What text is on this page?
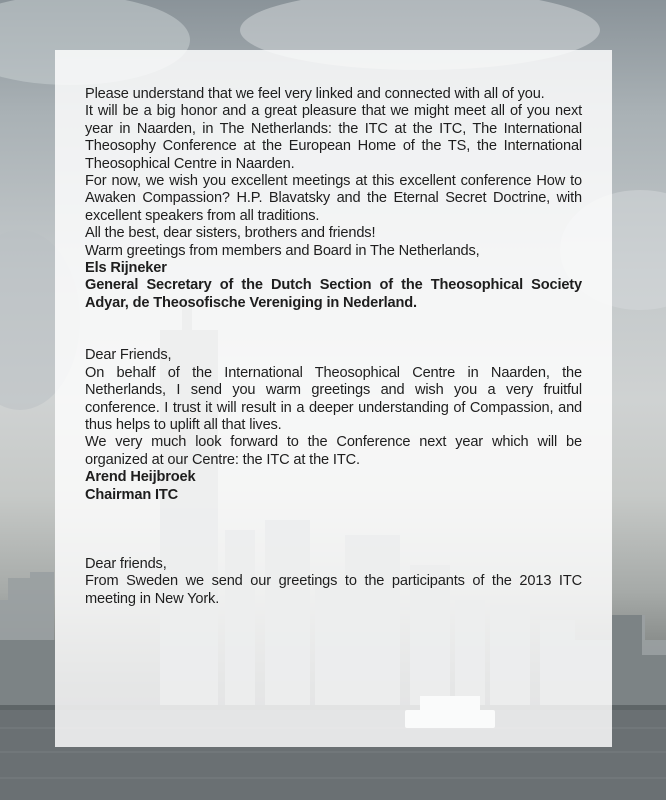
Please understand that we feel very linked and connected with all of you.

It will be a big honor and a great pleasure that we might meet all of you next year in Naarden, in The Netherlands: the ITC at the ITC, The International Theosophy Conference at the European Home of the TS, the International Theosophical Centre in Naarden.

For now, we wish you excellent meetings at this excellent conference How to Awaken Compassion? H.P. Blavatsky and the Eternal Secret Doctrine, with excellent speakers from all traditions.

All the best, dear sisters, brothers and friends!

Warm greetings from members and Board in The Netherlands,

Els Rijneker

General Secretary of the Dutch Section of the Theosophical Society Adyar, de Theosofische Vereniging in Nederland.

Dear Friends,

On behalf of the International Theosophical Centre in Naarden, the Netherlands, I send you warm greetings and wish you a very fruitful conference. I trust it will result in a deeper understanding of Compassion, and thus helps to uplift all that lives.

We very much look forward to the Conference next year which will be organized at our Centre: the ITC at the ITC.

Arend Heijbroek

Chairman ITC

Dear friends,

From Sweden we send our greetings to the participants of the 2013 ITC meeting in New York.
